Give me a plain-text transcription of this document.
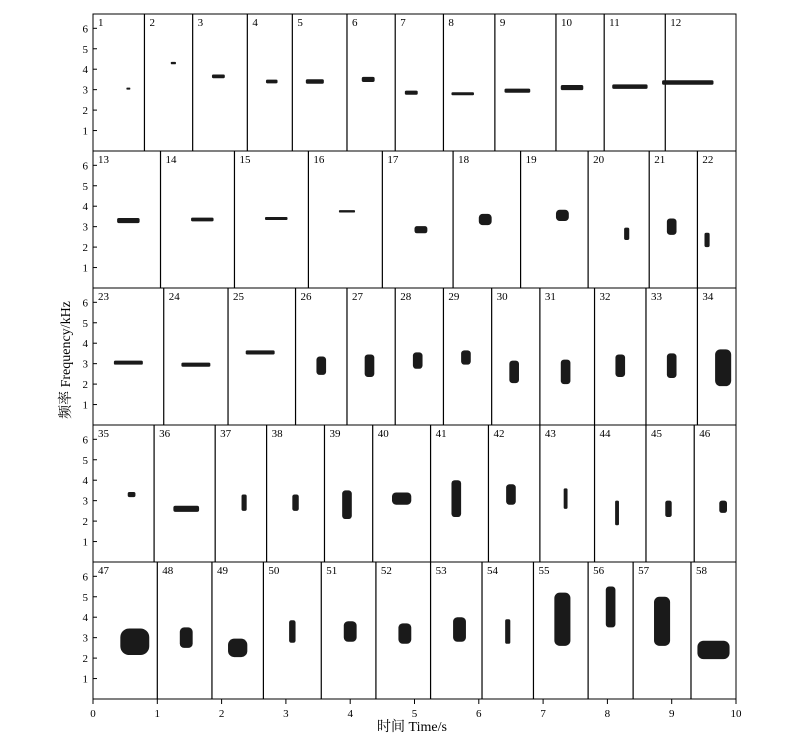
1
2
3
4
5
6
1	2	3	4	5	6	7	8	9	10	11	12
1
2
3
4
5
6
13	14	15	16	17	18	19	20	21	22
1
2
3
4
5
6
23	24	25	26	27	28	29	30	31	32	33	34
1
2
3
4
5
6
35	36	37	38	39	40	41	42	43	44	45	46
1
2
3
4
5
6
47	48	49	50	51	52	53	54	55	56	57	58
0	1	2	3	4	5	6	7	8	9	10
频率 Frequency/kHz
时间 Time/s
